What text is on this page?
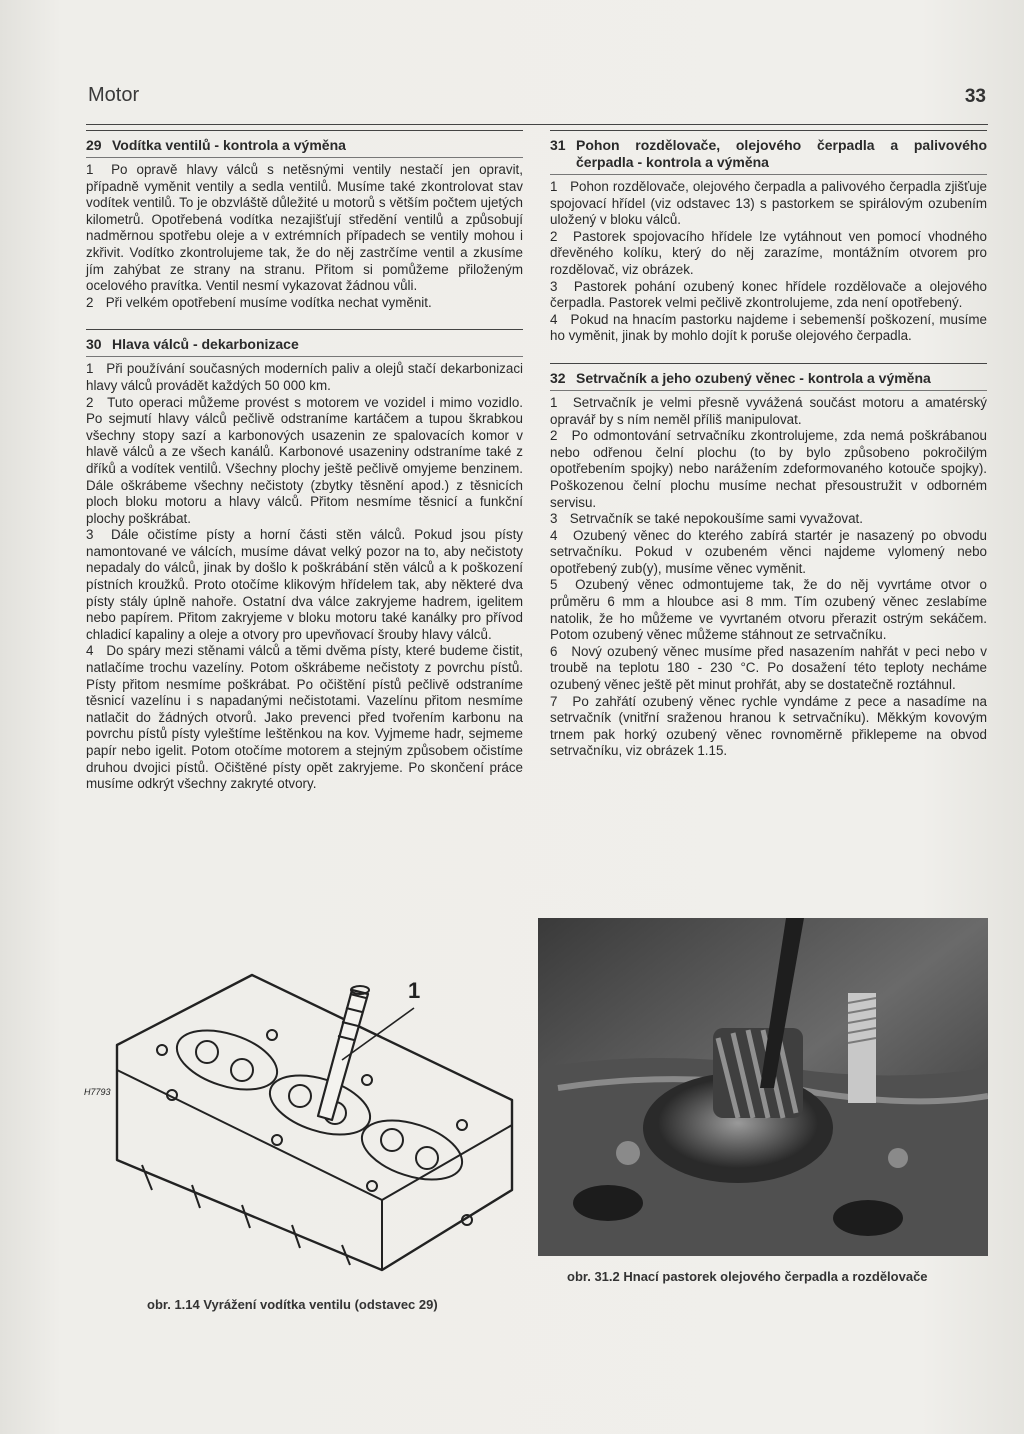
Motor	33
29 Vodítka ventilů - kontrola a výměna

1 Po opravě hlavy válců s netěsnými ventily nestačí jen opravit, případně vyměnit ventily a sedla ventilů. Musíme také zkontrolovat stav vodítek ventilů. To je obzvláště důležité u motorů s větším počtem ujetých kilometrů. Opotřebená vodítka nezajišťují středění ventilů a způsobují nadměrnou spotřebu oleje a v extrémních případech se ventily mohou i zkřivit. Vodítko zkontrolujeme tak, že do něj zastrčíme ventil a zkusíme jím zahýbat ze strany na stranu. Přitom si pomůžeme přiloženým ocelového pravítka. Ventil nesmí vykazovat žádnou vůli.

2 Při velkém opotřebení musíme vodítka nechat vyměnit.

30 Hlava válců - dekarbonizace

1 Při používání současných moderních paliv a olejů stačí dekarbonizaci hlavy válců provádět každých 50 000 km.

2 Tuto operaci můžeme provést s motorem ve vozidel i mimo vozidlo. Po sejmutí hlavy válců pečlivě odstraníme kartáčem a tupou škrabkou všechny stopy sazí a karbonových usazenin ze spalovacích komor v hlavě válců a ze všech kanálů. Karbonové usazeniny odstraníme také z dříků a vodítek ventilů. Všechny plochy ještě pečlivě omyjeme benzinem. Dále oškrábeme všechny nečistoty (zbytky těsnění apod.) z těsnicích ploch bloku motoru a hlavy válců. Přitom nesmíme těsnicí a funkční plochy poškrábat.

3 Dále očistíme písty a horní části stěn válců. Pokud jsou písty namontované ve válcích, musíme dávat velký pozor na to, aby nečistoty nepadaly do válců, jinak by došlo k poškrábání stěn válců a k poškození pístních kroužků. Proto otočíme klikovým hřídelem tak, aby některé dva písty stály úplně nahoře. Ostatní dva válce zakryjeme hadrem, igelitem nebo papírem. Přitom zakryjeme v bloku motoru také kanálky pro přívod chladicí kapaliny a oleje a otvory pro upevňovací šrouby hlavy válců.

4 Do spáry mezi stěnami válců a těmi dvěma písty, které budeme čistit, natlačíme trochu vazelíny. Potom oškrábeme nečistoty z povrchu pístů. Písty přitom nesmíme poškrábat. Po očištění pístů pečlivě odstraníme těsnicí vazelínu i s napadanými nečistotami. Vazelínu přitom nesmíme natlačit do žádných otvorů. Jako prevenci před tvořením karbonu na povrchu pístů písty vyleštíme leštěnkou na kov. Vyjmeme hadr, sejmeme papír nebo igelit. Potom otočíme motorem a stejným způsobem očistíme druhou dvojici pístů. Očištěné písty opět zakryjeme. Po skončení práce musíme odkrýt všechny zakryté otvory.

1
H7793
obr. 1.14 Vyrážení vodítka ventilu (odstavec 29)
31 Pohon rozdělovače, olejového čerpadla a palivového čerpadla - kontrola a výměna

1 Pohon rozdělovače, olejového čerpadla a palivového čerpadla zjišťuje spojovací hřídel (viz odstavec 13) s pastorkem se spirálovým ozubením uložený v bloku válců.

2 Pastorek spojovacího hřídele lze vytáhnout ven pomocí vhodného dřevěného kolíku, který do něj zarazíme, montážním otvorem pro rozdělovač, viz obrázek.

3 Pastorek pohání ozubený konec hřídele rozdělovače a olejového čerpadla. Pastorek velmi pečlivě zkontrolujeme, zda není opotřebený.

4 Pokud na hnacím pastorku najdeme i sebemenší poškození, musíme ho vyměnit, jinak by mohlo dojít k poruše olejového čerpadla.

32 Setrvačník a jeho ozubený věnec - kontrola a výměna

1 Setrvačník je velmi přesně vyvážená součást motoru a amatérský opravář by s ním neměl příliš manipulovat.

2 Po odmontování setrvačníku zkontrolujeme, zda nemá poškrábanou nebo odřenou čelní plochu (to by bylo způsobeno pokročilým opotřebením spojky) nebo narážením zdeformovaného kotouče spojky). Poškozenou čelní plochu musíme nechat přesoustružit v odborném servisu.

3 Setrvačník se také nepokoušíme sami vyvažovat.

4 Ozubený věnec do kterého zabírá startér je nasazený po obvodu setrvačníku. Pokud v ozubeném věnci najdeme vylomený nebo opotřebený zub(y), musíme věnec vyměnit.

5 Ozubený věnec odmontujeme tak, že do něj vyvrtáme otvor o průměru 6 mm a hloubce asi 8 mm. Tím ozubený věnec zeslabíme natolik, že ho můžeme ve vyvrtaném otvoru přerazit ostrým sekáčem. Potom ozubený věnec můžeme stáhnout ze setrvačníku.

6 Nový ozubený věnec musíme před nasazením nahřát v peci nebo v troubě na teplotu 180 - 230 °C. Po dosažení této teploty necháme ozubený věnec ještě pět minut prohřát, aby se dostatečně roztáhnul.

7 Po zahřátí ozubený věnec rychle vyndáme z pece a nasadíme na setrvačník (vnitřní sraženou hranou k setrvačníku). Měkkým kovovým trnem pak horký ozubený věnec rovnoměrně přiklepeme na obvod setrvačníku, viz obrázek 1.15.

obr. 31.2 Hnací pastorek olejového čerpadla a rozdělovače
